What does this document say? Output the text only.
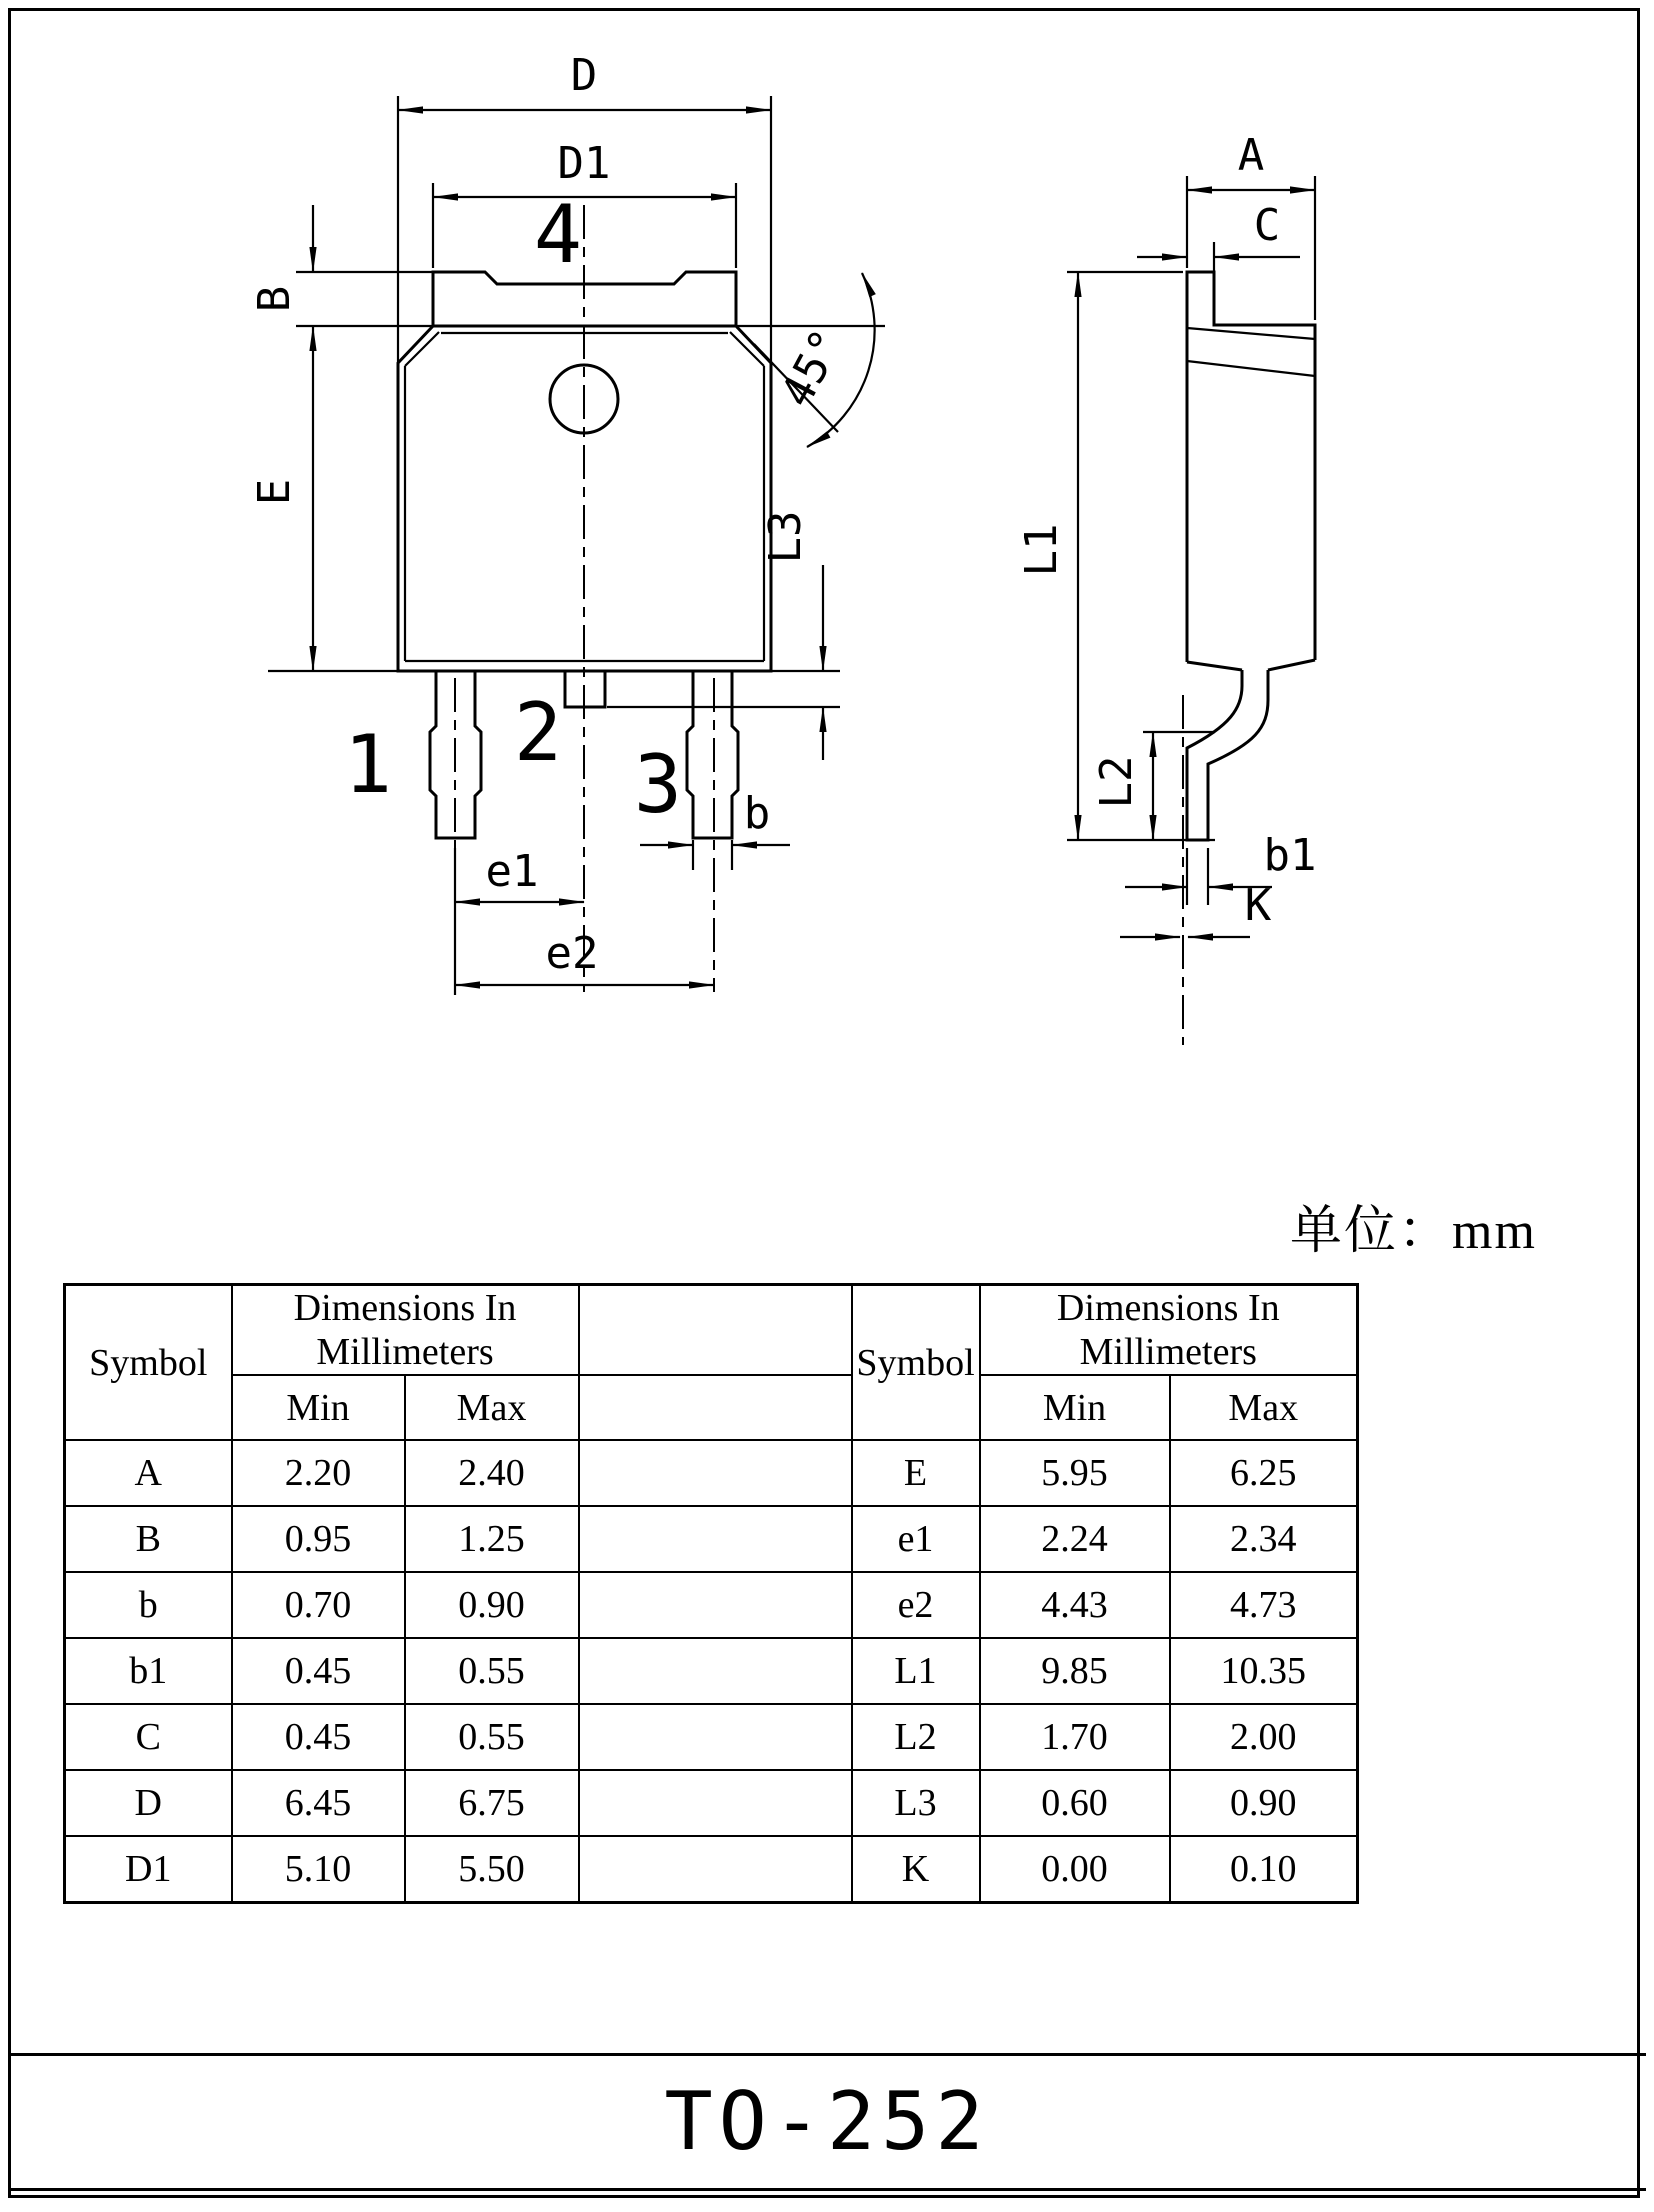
D
D1
4
B
E
45°
L3
1 2
3 b
e1
e2
A
C
L1
L2
b1
K
单位：mm
Symbol	Dimensions In Millimeters			Symbol	Dimensions In Millimeters	
	Min	Max			Min	Max
A	2.20	2.40		E	5.95	6.25
B	0.95	1.25		e1	2.24	2.34
b	0.70	0.90		e2	4.43	4.73
b1	0.45	0.55		L1	9.85	10.35
C	0.45	0.55		L2	1.70	2.00
D	6.45	6.75		L3	0.60	0.90
D1	5.10	5.50		K	0.00	0.10
TO-252
